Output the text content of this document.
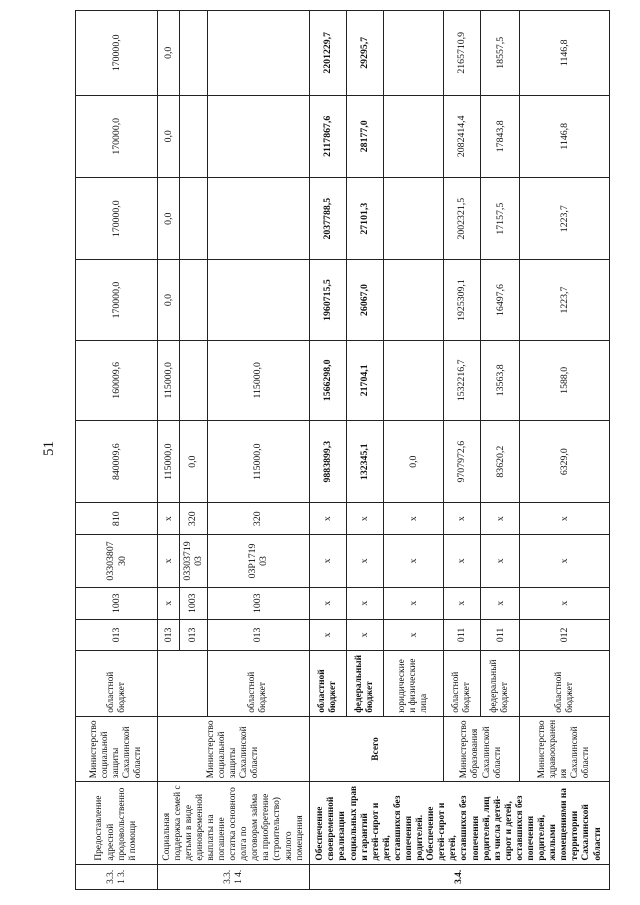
51
3.3.1 3.	Предоставление адресной продовольственной помощи	Министерство социальной защиты Сахалинской области	областной бюджет	013	1003	03303807 30	810	840009,6	160009,6	170000,0	170000,0	170000,0	170000,0
3.3.1 4.	Социальная поддержка семей с детьми в виде единовременной выплаты на погашение остатка основного долга по договорам займа на приобретение (строительство) жилого помещения	Министерство социальной защиты Сахалинской области		013	x	x	x	115000,0	115000,0	0,0	0,0	0,0	0,0
				013	1003	03303719 03	320	0,0					
			областной бюджет	013	1003	03Р1719 03	320	115000,0	115000,0				
3.4.	Обеспечение своевременной реализации социальных прав и гарантий детей-сирот и детей, оставшихся без попечения родителей. Обеспечение детей-сирот и детей, оставшихся без попечения родителей, лиц из числа детей-сирот и детей, оставшихся без попечения родителей, жилыми помещениями на территории Сахалинской области	Всего	областной бюджет	x	x	x	x	9883899,3	1566298,0	1960715,5	2037788,5	2117867,6	2201229,7
			федеральный бюджет	x	x	x	x	132345,1	21704,1	26067,0	27101,3	28177,0	29295,7
			юридические и физические лица	x	x	x	x	0,0					
		Министерство образования Сахалинской области	областной бюджет	011	x	x	x	9707972,6	1532216,7	1925309,1	2002321,5	2082414,4	2165710,9
			федеральный бюджет	011	x	x	x	83620,2	13563,8	16497,6	17157,5	17843,8	18557,5
		Министерство здравоохранения Сахалинской области	областной бюджет	012	x	x	x	6329,0	1588,0	1223,7	1223,7	1146,8	1146,8
